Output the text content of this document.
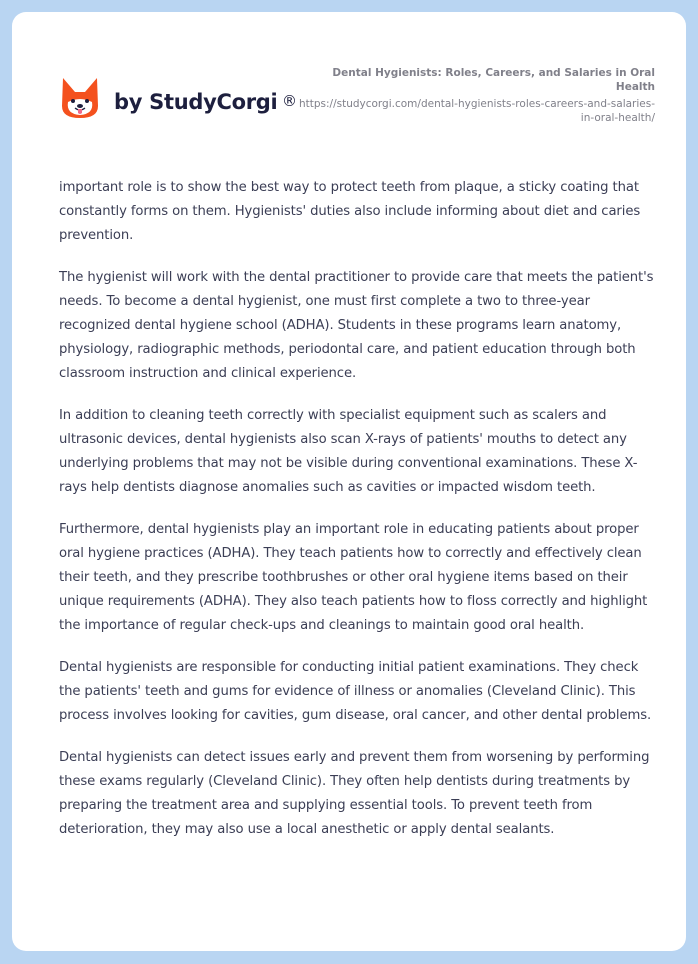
by StudyCorgi ®
Dental Hygienists: Roles, Careers, and Salaries in Oral Health
https://studycorgi.com/dental-hygienists-roles-careers-and-salaries-in-oral-health/

important role is to show the best way to protect teeth from plaque, a sticky coating that constantly forms on them. Hygienists' duties also include informing about diet and caries prevention.

The hygienist will work with the dental practitioner to provide care that meets the patient's needs. To become a dental hygienist, one must first complete a two to three-year recognized dental hygiene school (ADHA). Students in these programs learn anatomy, physiology, radiographic methods, periodontal care, and patient education through both classroom instruction and clinical experience.

In addition to cleaning teeth correctly with specialist equipment such as scalers and ultrasonic devices, dental hygienists also scan X-rays of patients' mouths to detect any underlying problems that may not be visible during conventional examinations. These X-rays help dentists diagnose anomalies such as cavities or impacted wisdom teeth.

Furthermore, dental hygienists play an important role in educating patients about proper oral hygiene practices (ADHA). They teach patients how to correctly and effectively clean their teeth, and they prescribe toothbrushes or other oral hygiene items based on their unique requirements (ADHA). They also teach patients how to floss correctly and highlight the importance of regular check-ups and cleanings to maintain good oral health.

Dental hygienists are responsible for conducting initial patient examinations. They check the patients' teeth and gums for evidence of illness or anomalies (Cleveland Clinic). This process involves looking for cavities, gum disease, oral cancer, and other dental problems.

Dental hygienists can detect issues early and prevent them from worsening by performing these exams regularly (Cleveland Clinic). They often help dentists during treatments by preparing the treatment area and supplying essential tools. To prevent teeth from deterioration, they may also use a local anesthetic or apply dental sealants.
